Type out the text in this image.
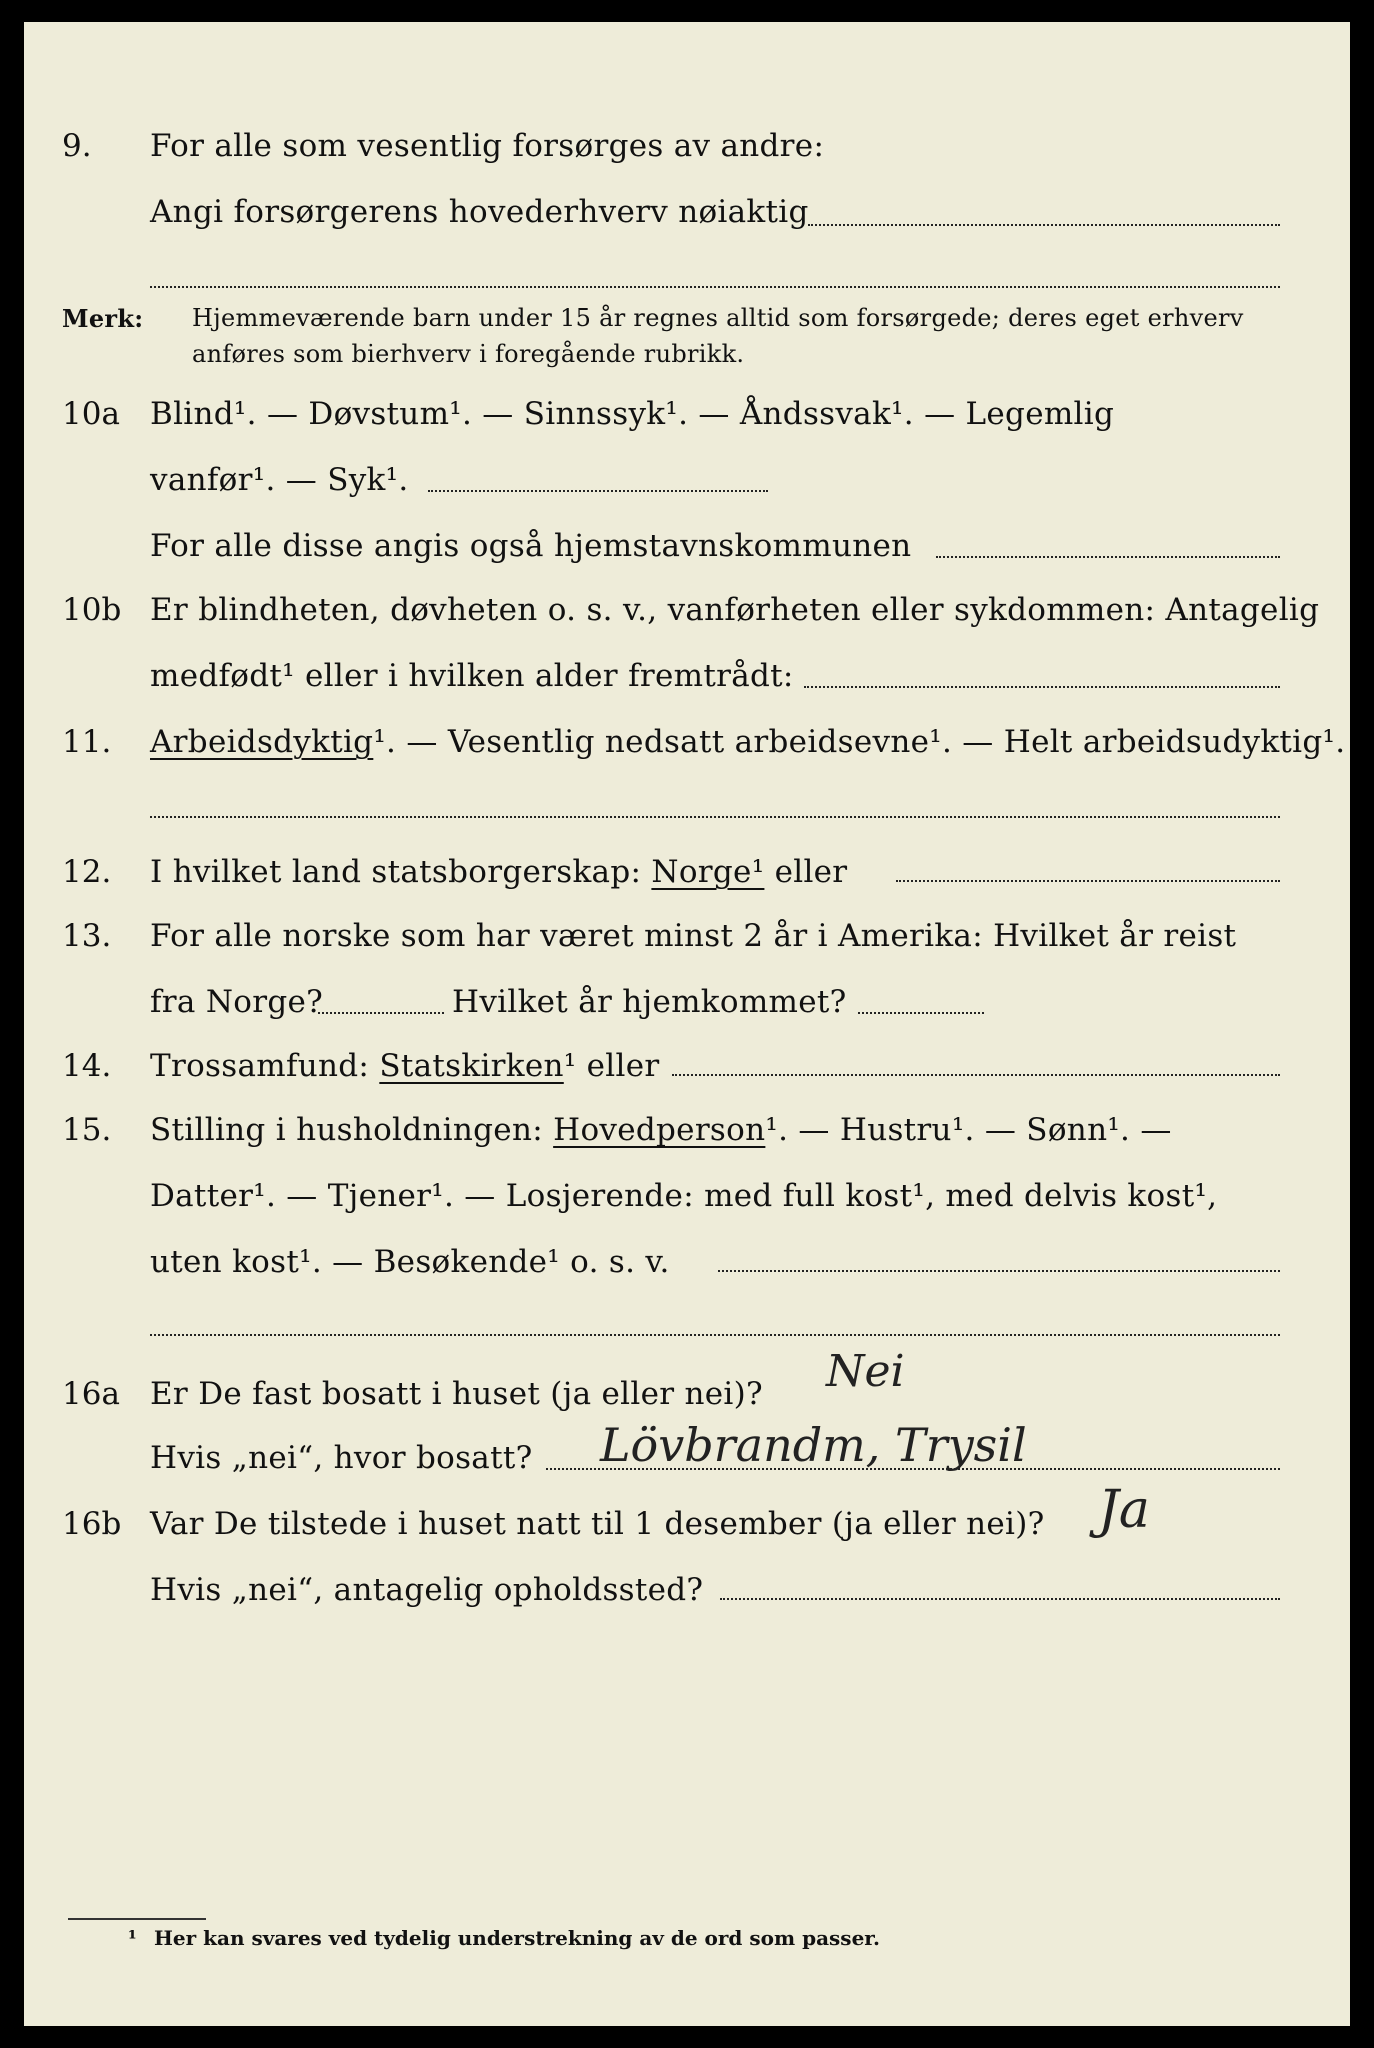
9. For alle som vesentlig forsørges av andre:
Angi forsørgerens hovederhverv nøiaktig
Merk: Hjemmeværende barn under 15 år regnes alltid som forsørgede; deres eget erhverv
anføres som bierhverv i foregående rubrikk.
10a Blind¹. — Døvstum¹. — Sinnssyk¹. — Åndssvak¹. — Legemlig
vanfør¹. — Syk¹.
For alle disse angis også hjemstavnskommunen
10b Er blindheten, døvheten o. s. v., vanførheten eller sykdommen: Antagelig
medfødt¹ eller i hvilken alder fremtrådt:
11. Arbeidsdyktig¹. — Vesentlig nedsatt arbeidsevne¹. — Helt arbeidsudyktig¹.
12. I hvilket land statsborgerskap: Norge¹ eller
13. For alle norske som har været minst 2 år i Amerika: Hvilket år reist
fra Norge?	Hvilket år hjemkommet?
14. Trossamfund: Statskirken¹ eller
15. Stilling i husholdningen: Hovedperson¹. — Hustru¹. — Sønn¹. —
Datter¹. — Tjener¹. — Losjerende: med full kost¹, med delvis kost¹,
uten kost¹. — Besøkende¹ o. s. v.
16a Er De fast bosatt i huset (ja eller nei)? Nei
Hvis „nei“, hvor bosatt? Lövbrandm, Trysil
16b Var De tilstede i huset natt til 1 desember (ja eller nei)? Ja
Hvis „nei“, antagelig opholdssted?
¹ Her kan svares ved tydelig understrekning av de ord som passer.
